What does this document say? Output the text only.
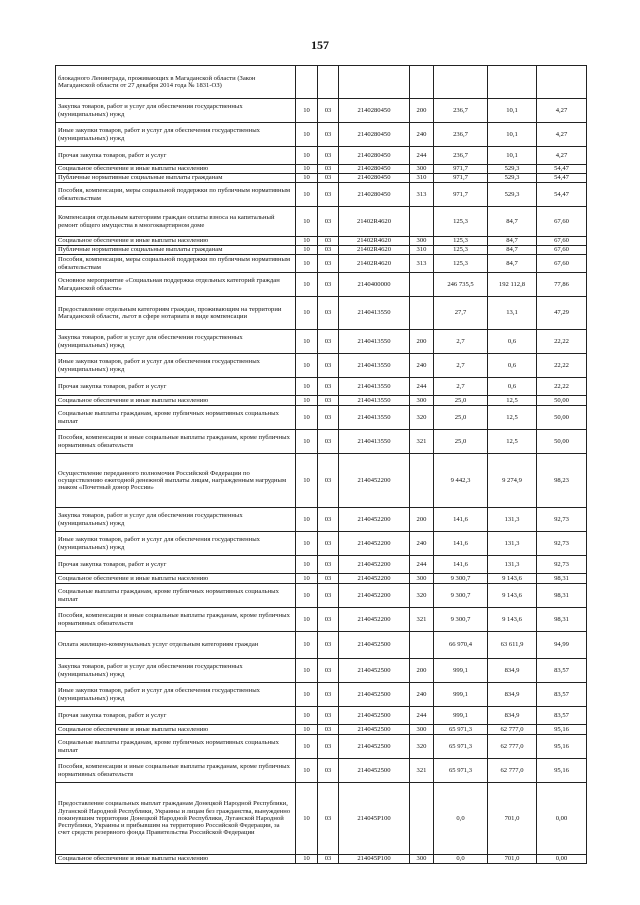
157
блокадного Ленинграда, проживающих в Магаданской области (Закон Магаданской области от 27 декабря 2014 года № 1831-ОЗ)							
Закупка товаров, работ и услуг для обеспечения государственных (муниципальных) нужд	10	03	2140280450	200	236,7	10,1	4,27
Иные закупки товаров, работ и услуг для обеспечения государственных (муниципальных) нужд	10	03	2140280450	240	236,7	10,1	4,27
Прочая закупка товаров, работ и услуг	10	03	2140280450	244	236,7	10,1	4,27
Социальное обеспечение и иные выплаты населению	10	03	2140280450	300	971,7	529,3	54,47
Публичные нормативные социальные выплаты гражданам	10	03	2140280450	310	971,7	529,3	54,47
Пособия, компенсации, меры социальной поддержки по публичным нормативным обязательствам	10	03	2140280450	313	971,7	529,3	54,47
Компенсация отдельным категориям граждан оплаты взноса на капитальный ремонт общего имущества в многоквартирном доме	10	03	21402R4620		125,3	84,7	67,60
Социальное обеспечение и иные выплаты населению	10	03	21402R4620	300	125,3	84,7	67,60
Публичные нормативные социальные выплаты гражданам	10	03	21402R4620	310	125,3	84,7	67,60
Пособия, компенсации, меры социальной поддержки по публичным нормативным обязательствам	10	03	21402R4620	313	125,3	84,7	67,60
Основное мероприятие «Социальная поддержка отдельных категорий граждан Магаданской области»	10	03	2140400000		246 735,5	192 112,8	77,86
Предоставление отдельным категориям граждан, проживающим на территории Магаданской области, льгот в сфере нотариата в виде компенсации	10	03	2140413550		27,7	13,1	47,29
Закупка товаров, работ и услуг для обеспечения государственных (муниципальных) нужд	10	03	2140413550	200	2,7	0,6	22,22
Иные закупки товаров, работ и услуг для обеспечения государственных (муниципальных) нужд	10	03	2140413550	240	2,7	0,6	22,22
Прочая закупка товаров, работ и услуг	10	03	2140413550	244	2,7	0,6	22,22
Социальное обеспечение и иные выплаты населению	10	03	2140413550	300	25,0	12,5	50,00
Социальные выплаты гражданам, кроме публичных нормативных социальных выплат	10	03	2140413550	320	25,0	12,5	50,00
Пособия, компенсации и иные социальные выплаты гражданам, кроме публичных нормативных обязательств	10	03	2140413550	321	25,0	12,5	50,00
Осуществление переданного полномочия Российской Федерации по осуществлению ежегодной денежной выплаты лицам, награжденным нагрудным знаком «Почетный донор России»	10	03	2140452200		9 442,3	9 274,9	98,23
Закупка товаров, работ и услуг для обеспечения государственных (муниципальных) нужд	10	03	2140452200	200	141,6	131,3	92,73
Иные закупки товаров, работ и услуг для обеспечения государственных (муниципальных) нужд	10	03	2140452200	240	141,6	131,3	92,73
Прочая закупка товаров, работ и услуг	10	03	2140452200	244	141,6	131,3	92,73
Социальное обеспечение и иные выплаты населению	10	03	2140452200	300	9 300,7	9 143,6	98,31
Социальные выплаты гражданам, кроме публичных нормативных социальных выплат	10	03	2140452200	320	9 300,7	9 143,6	98,31
Пособия, компенсации и иные социальные выплаты гражданам, кроме публичных нормативных обязательств	10	03	2140452200	321	9 300,7	9 143,6	98,31
Оплата жилищно-коммунальных услуг отдельным категориям граждан	10	03	2140452500		66 970,4	63 611,9	94,99
Закупка товаров, работ и услуг для обеспечения государственных (муниципальных) нужд	10	03	2140452500	200	999,1	834,9	83,57
Иные закупки товаров, работ и услуг для обеспечения государственных (муниципальных) нужд	10	03	2140452500	240	999,1	834,9	83,57
Прочая закупка товаров, работ и услуг	10	03	2140452500	244	999,1	834,9	83,57
Социальное обеспечение и иные выплаты населению	10	03	2140452500	300	65 971,3	62 777,0	95,16
Социальные выплаты гражданам, кроме публичных нормативных социальных выплат	10	03	2140452500	320	65 971,3	62 777,0	95,16
Пособия, компенсации и иные социальные выплаты гражданам, кроме публичных нормативных обязательств	10	03	2140452500	321	65 971,3	62 777,0	95,16
Предоставление социальных выплат гражданам Донецкой Народной Республики, Луганской Народной Республики, Украины и лицам без гражданства, вынужденно покинувшим территории Донецкой Народной Республики, Луганской Народной Республики, Украины и прибывшим на территорию Российской Федерации, за счет средств резервного фонда Правительства Российской Федерации	10	03	214045P100		0,0	701,0	0,00
Социальное обеспечение и иные выплаты населению	10	03	214045P100	300	0,0	701,0	0,00
